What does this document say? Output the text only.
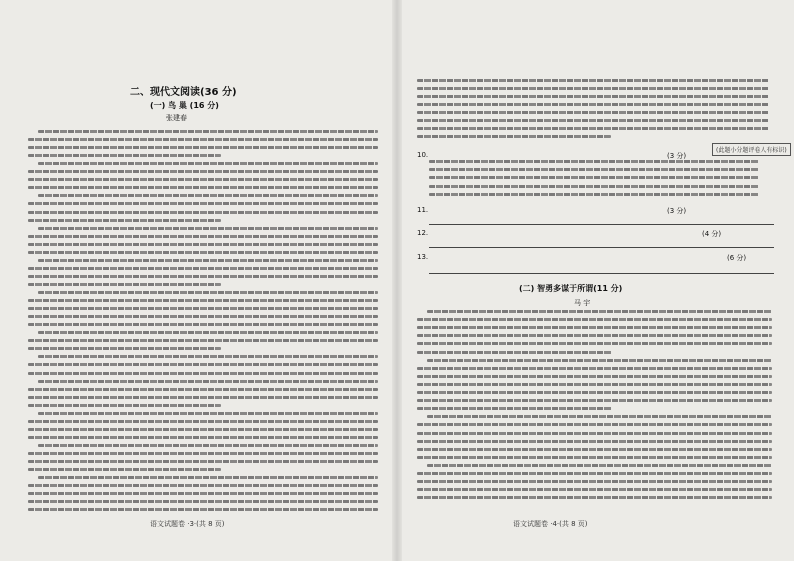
二、现代文阅读(36 分)
(一) 鸟 巢 (16 分)
张建春
语文试题卷 ·3·(共 8 页)
(此题小分题评卷人有标识)
10.	(3 分)
11.	(3 分)
12.	(4 分)
13.	(6 分)
(二) 智勇多谋于所谓(11 分)
马 宇
语文试题卷 ·4·(共 8 页)
